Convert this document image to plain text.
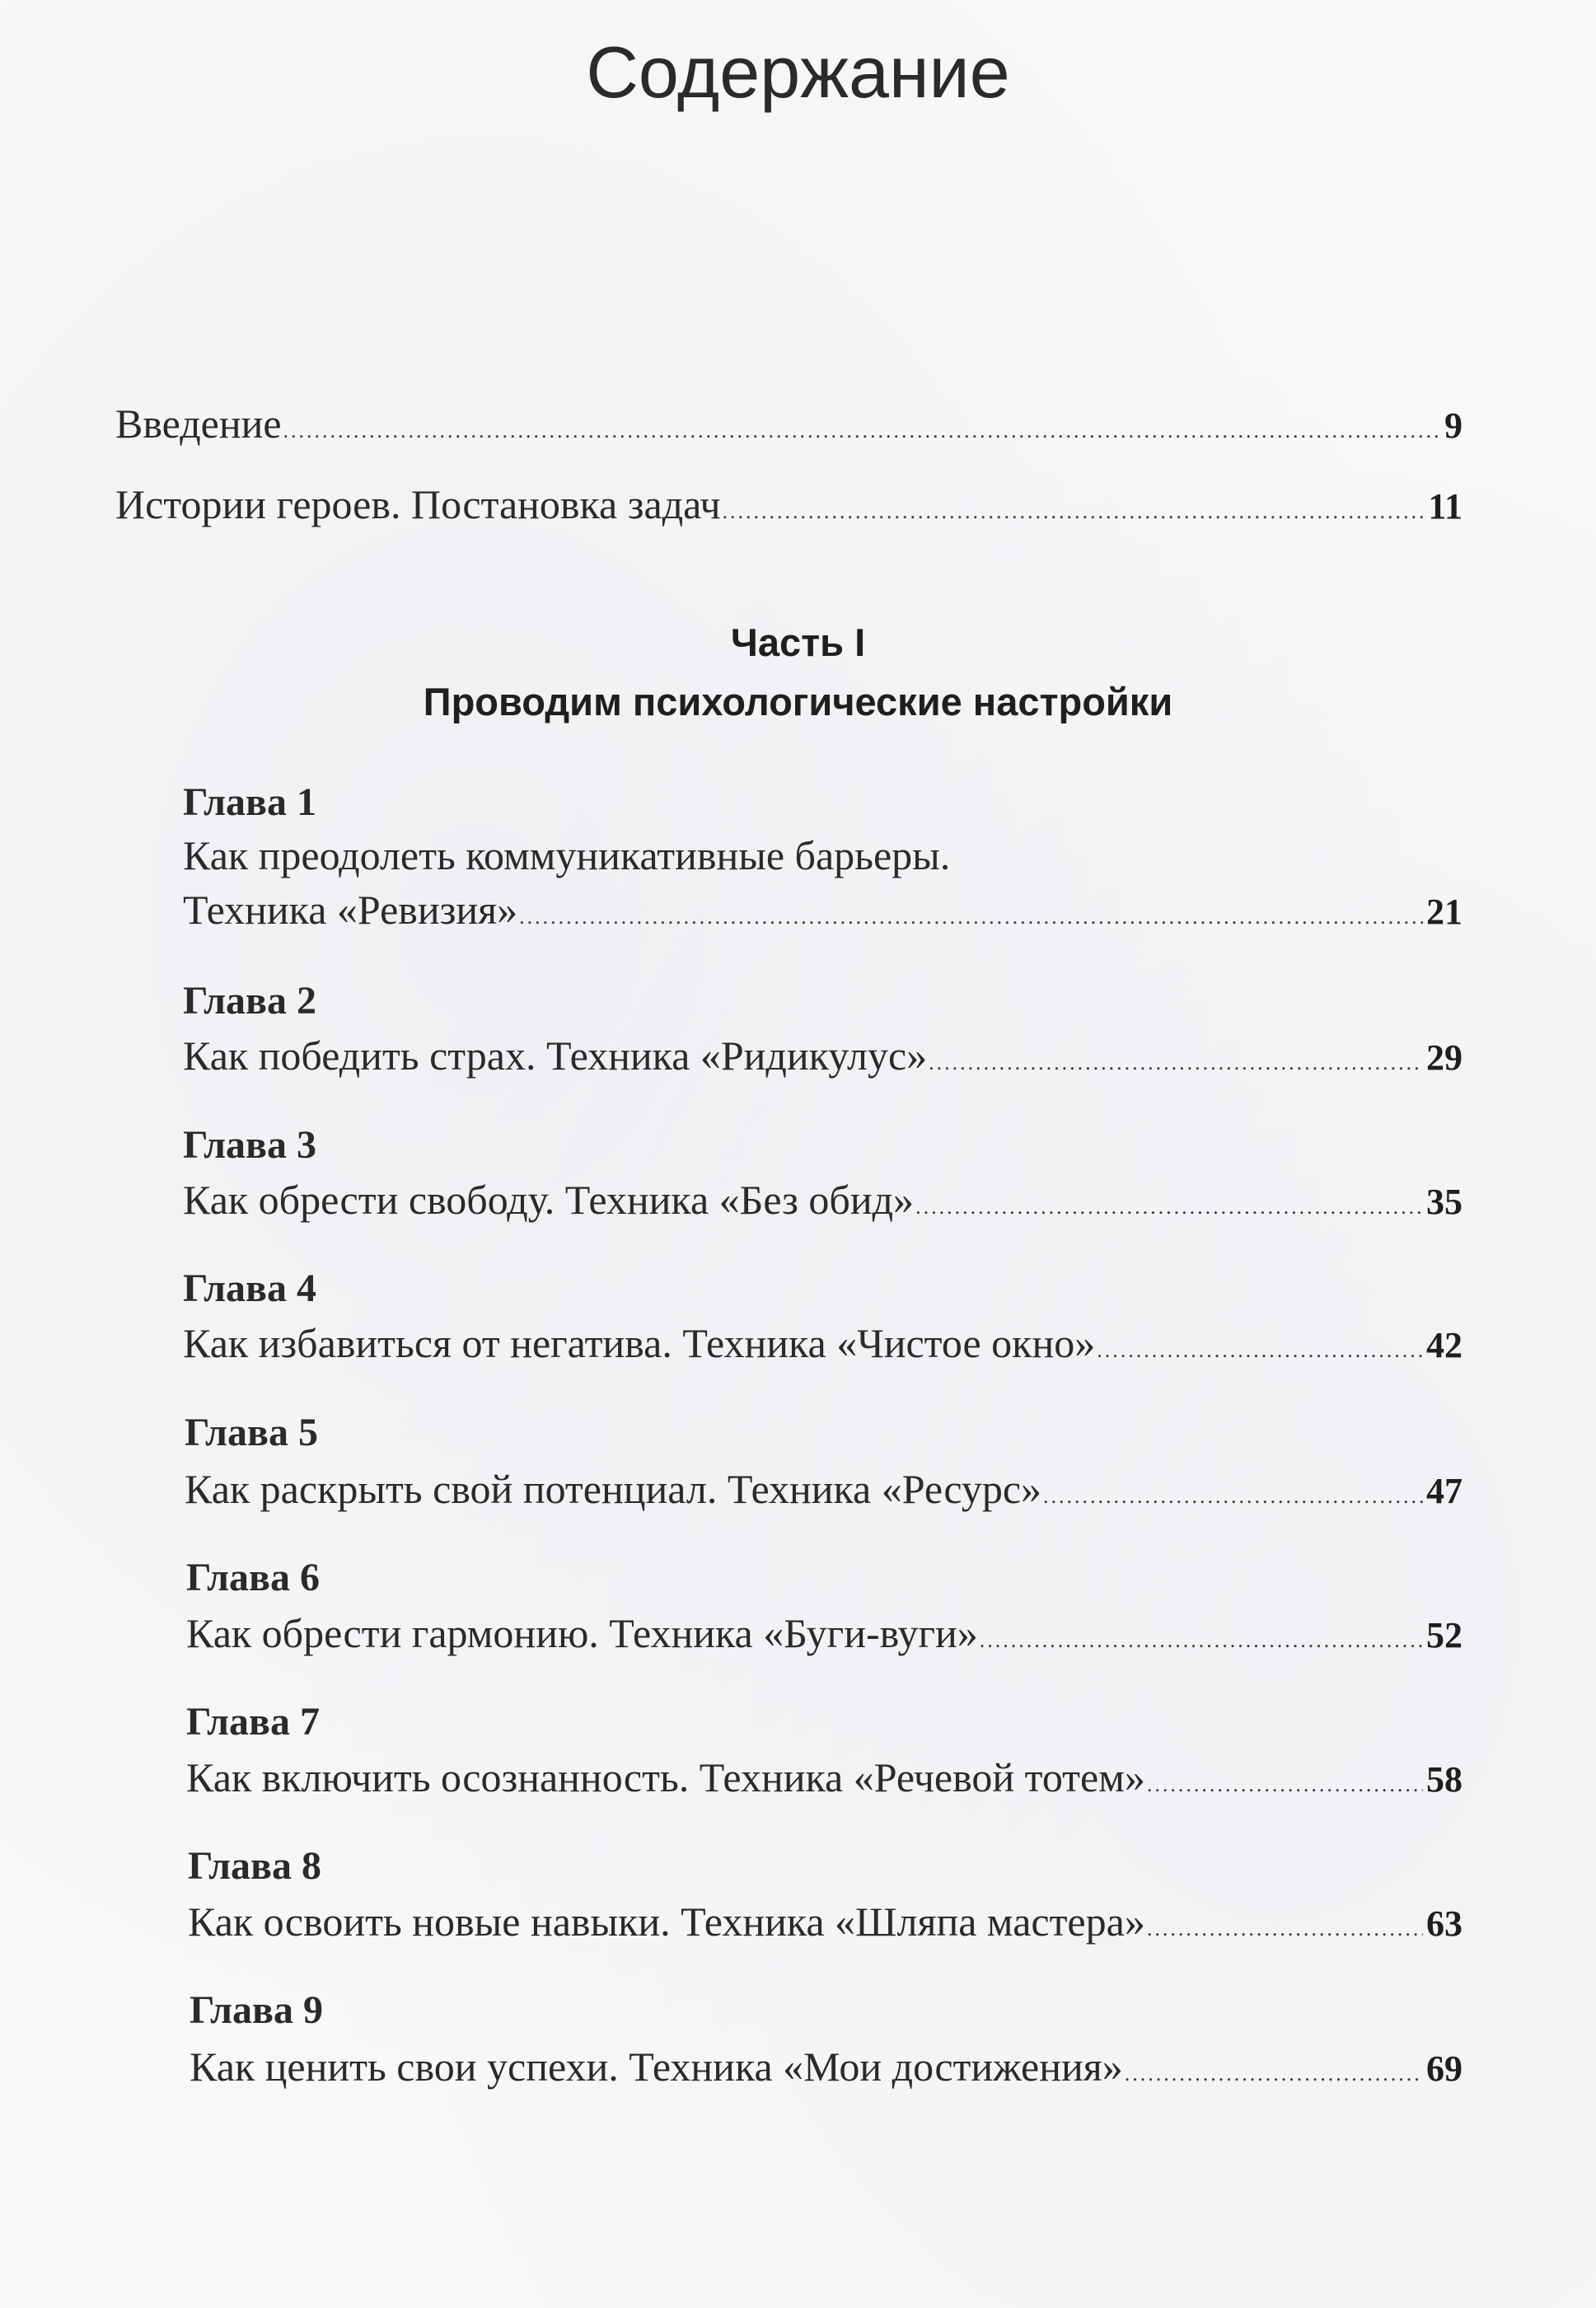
Содержание
Введение .....	9
Истории героев. Постановка задач .....	11
Часть I
Проводим психологические настройки
Глава 1
Как преодолеть коммуникативные барьеры.
Техника «Ревизия» .....	21
Глава 2
Как победить страх. Техника «Ридикулус» .....	29
Глава 3
Как обрести свободу. Техника «Без обид» .....	35
Глава 4
Как избавиться от негатива. Техника «Чистое окно» .....	42
Глава 5
Как раскрыть свой потенциал. Техника «Ресурс» .....	47
Глава 6
Как обрести гармонию. Техника «Буги-вуги» .....	52
Глава 7
Как включить осознанность. Техника «Речевой тотем» .....	58
Глава 8
Как освоить новые навыки. Техника «Шляпа мастера» .....	63
Глава 9
Как ценить свои успехи. Техника «Мои достижения» .....	69
